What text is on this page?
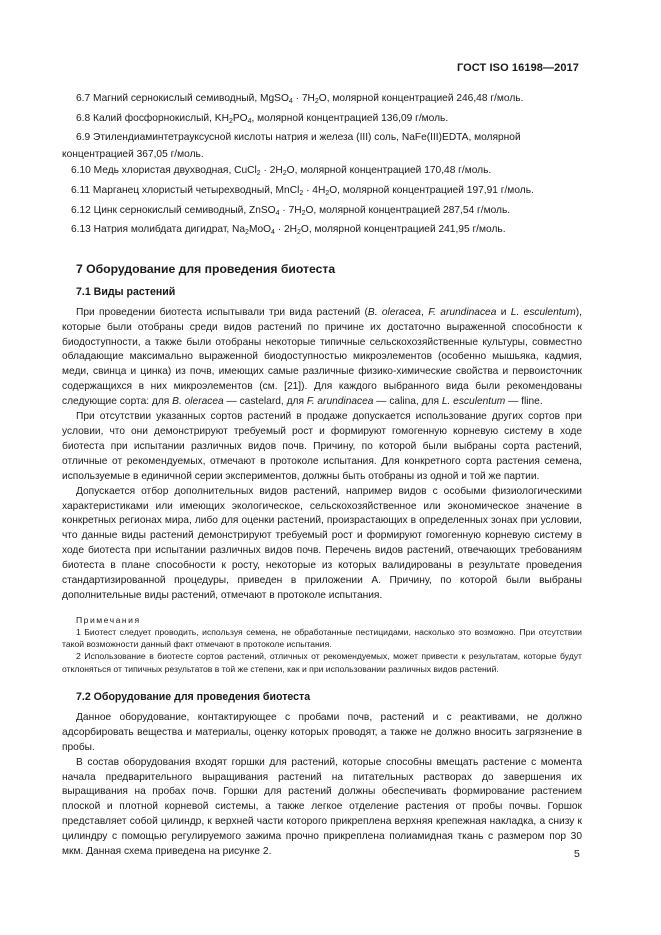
ГОСТ ISO 16198—2017
6.7 Магний сернокислый семиводный, MgSO$_4$ · $7H_2O$, молярной концентрацией 246,48 г/моль.
6.8 Калий фосфорнокислый, $KH_2PO_4$, молярной концентрацией 136,09 г/моль.
6.9 Этилендиаминтетрауксусной кислоты натрия и железа (III) соль, NaFe(III)EDTA, молярной концентрацией 367,05 г/моль.
6.10 Медь хлористая двухводная, CuCl$_2$ · $2H_2O$, молярной концентрацией 170,48 г/моль.
6.11 Марганец хлористый четырехводный, MnCl$_2$ · $4H_2O$, молярной концентрацией 197,91 г/моль.
6.12 Цинк сернокислый семиводный, ZnSO$_4$ · $7H_2O$, молярной концентрацией 287,54 г/моль.
6.13 Натрия молибдата дигидрат, $Na_2MoO_4 \cdot 2H_2O$, молярной концентрацией 241,95 г/моль.
7 Оборудование для проведения биотеста
7.1 Виды растений

При проведении биотеста испытывали три вида растений (B. oleracea, F. arundinacea и L. esculentum), которые были отобраны среди видов растений по причине их достаточно выраженной способности к биодоступности, а также были отобраны некоторые типичные сельскохозяйственные культуры, совместно обладающие максимально выраженной биодоступностью микроэлементов (особенно мышьяка, кадмия, меди, свинца и цинка) из почв, имеющих самые различные физико-химические свойства и первоисточник содержащихся в них микроэлементов (см. [21]). Для каждого выбранного вида были рекомендованы следующие сорта: для B. oleracea — castelard, для F. arundinacea — calina, для L. esculentum — fline.

При отсутствии указанных сортов растений в продаже допускается использование других сортов при условии, что они демонстрируют требуемый рост и формируют гомогенную корневую систему в ходе биотеста при испытании различных видов почв. Причину, по которой были выбраны сорта растений, отличные от рекомендуемых, отмечают в протоколе испытания. Для конкретного сорта растения семена, используемые в единичной серии экспериментов, должны быть отобраны из одной и той же партии.

Допускается отбор дополнительных видов растений, например видов с особыми физиологическими характеристиками или имеющих экологическое, сельскохозяйственное или экономическое значение в конкретных регионах мира, либо для оценки растений, произрастающих в определенных зонах при условии, что данные виды растений демонстрируют требуемый рост и формируют гомогенную корневую систему в ходе биотеста при испытании различных видов почв. Перечень видов растений, отвечающих требованиям биотеста в плане способности к росту, некоторые из которых валидированы в результате проведения стандартизированной процедуры, приведен в приложении А. Причину, по которой были выбраны дополнительные виды растений, отмечают в протоколе испытания.

Примечания
1 Биотест следует проводить, используя семена, не обработанные пестицидами, насколько это возможно. При отсутствии такой возможности данный факт отмечают в протоколе испытания.
2 Использование в биотесте сортов растений, отличных от рекомендуемых, может привести к результатам, которые будут отклоняться от типичных результатов в той же степени, как и при использовании различных видов растений.
7.2 Оборудование для проведения биотеста

Данное оборудование, контактирующее с пробами почв, растений и с реактивами, не должно адсорбировать вещества и материалы, оценку которых проводят, а также не должно вносить загрязнение в пробы.

В состав оборудования входят горшки для растений, которые способны вмещать растение с момента начала предварительного выращивания растений на питательных растворах до завершения их выращивания на пробах почв. Горшки для растений должны обеспечивать формирование растением плоской и плотной корневой системы, а также легкое отделение растения от пробы почвы. Горшок представляет собой цилиндр, к верхней части которого прикреплена верхняя крепежная накладка, а снизу к цилиндру с помощью регулируемого зажима прочно прикреплена полиамидная ткань с размером пор 30 мкм. Данная схема приведена на рисунке 2.	5
